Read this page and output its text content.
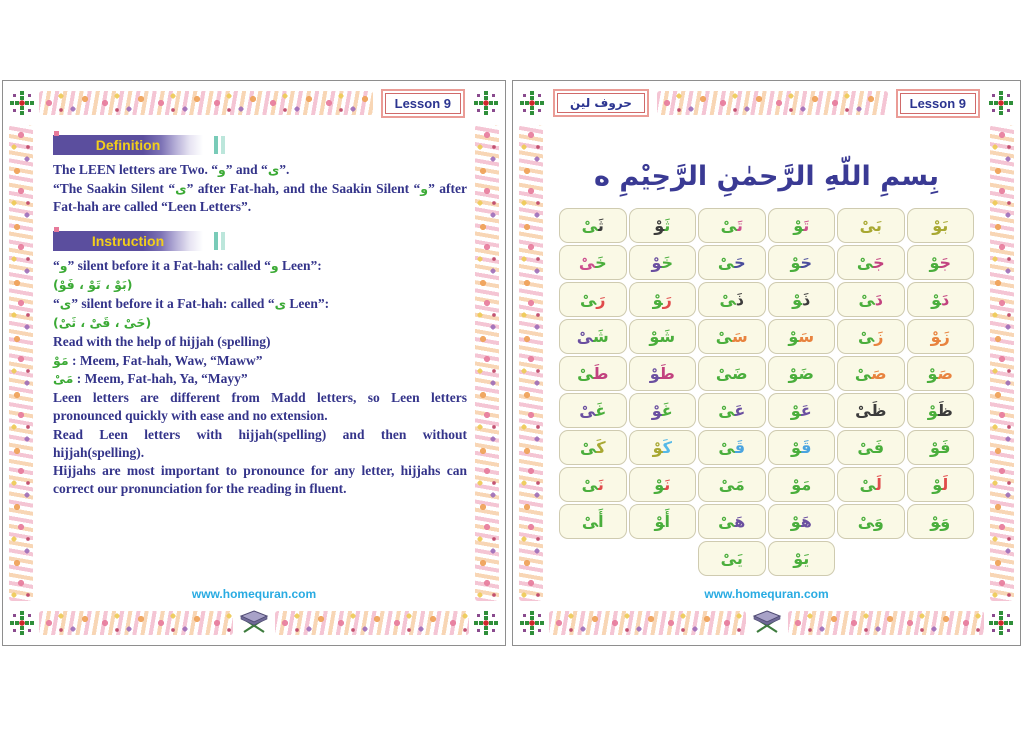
Lesson 9
Definition
The LEEN letters are Two. “و” and “ى”.
“The Saakin Silent “ى” after Fat-hah, and the Saakin Silent “و” after Fat-hah are called “Leen Letters”.
Instruction
“و” silent before it a Fat-hah: called “و Leen”:
(بَوْ ، تَوْ ، فَوْ)
“ى” silent before it a Fat-hah: called “ى Leen”:
(حَىْ ، قَىْ ، ثَىْ)
Read with the help of hijjah (spelling)
مَوْ : Meem, Fat-hah, Waw, “Maww”
مَىْ : Meem, Fat-hah, Ya, “Mayy”
Leen letters are different from Madd letters, so Leen letters pronounced quickly with ease and no extension.
Read Leen letters with hijjah(spelling) and then without hijjah(spelling).
Hijjahs are most important to pronounce for any letter, hijjahs can correct our pronunciation for the reading in fluent.
www.homequran.com
حروف لين	Lesson 9
بِسمِ اللّهِ الرَّحمٰنِ الرَّحِيْمِ ه
بَ‍
‍وْ
بَ‍
‍ىْ
تَ‍
‍وْ
تَ‍
‍ىْ
ثَ‍
‍وْ
ثَ‍
‍ىْ
جَ‍
‍وْ
جَ‍
‍ىْ
حَ‍
‍وْ
حَ‍
‍ىْ
خَ‍
‍وْ
خَ‍
‍ىْ
دَ‍
‍وْ
دَ‍
‍ىْ
ذَ‍
‍وْ
ذَ‍
‍ىْ
رَ‍
‍وْ
رَ‍
‍ىْ
زَ‍
‍وْ
زَ‍
‍ىْ
سَ‍
‍وْ
سَ‍
‍ىْ
شَ‍
‍وْ
شَ‍
‍ىْ
صَ‍
‍وْ
صَ‍
‍ىْ
ضَ‍
‍وْ
ضَ‍
‍ىْ
طَ‍
‍وْ
طَ‍
‍ىْ
ظَ‍
‍وْ
ظَ‍
‍ىْ
عَ‍
‍وْ
عَ‍
‍ىْ
غَ‍
‍وْ
غَ‍
‍ىْ
فَ‍
‍وْ
فَ‍
‍ىْ
قَ‍
‍وْ
قَ‍
‍ىْ
كَ‍
‍وْ
كَ‍
‍ىْ
لَ‍
‍وْ
لَ‍
‍ىْ
مَ‍
‍وْ
مَ‍
‍ىْ
نَ‍
‍وْ
نَ‍
‍ىْ
وَ‍
‍وْ
وَ‍
‍ىْ
هَ‍
‍وْ
هَ‍
‍ىْ
أَ‍
‍وْ
أَ‍
‍ىْ
يَ‍
‍وْ
يَ‍
‍ىْ
www.homequran.com
